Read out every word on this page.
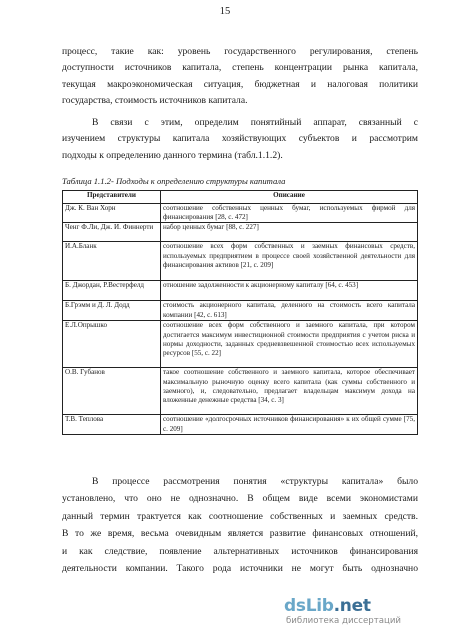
15
процесс, такие как: уровень государственного регулирования, степень
доступности источников капитала, степень концентрации рынка капитала,
текущая макроэкономическая ситуация, бюджетная и налоговая политики
государства, стоимость источников капитала.
В связи с этим, определим понятийный аппарат, связанный с
изучением структуры капитала хозяйствующих субъектов и рассмотрим
подходы к определению данного термина (табл.1.1.2).
Таблица 1.1.2- Подходы к определению структуры капитала
Представители	Описание
Дж. К. Ван Хорн	соотношение собственных ценных бумаг, используемых фирмой для финансирования [28, с. 472]
Ченг Ф.Ли, Дж. И. Финнерти	набор ценных бумаг [88, с. 227]
И.А.Бланк	соотношение всех форм собственных и заемных финансовых средств, используемых предприятием в процессе своей хозяйственной деятельности для финансирования активов [21, с. 209]
Б. Джордан, Р.Вестерфелд	отношение задолженности к акционерному капиталу [64, с. 453]
Б.Грэмм и Д. Л. Додд	стоимость акционерного капитала, деленного на стоимость всего капитала компании [42, с. 613]
Е.Л.Опрышко	соотношение всех форм собственного и заемного капитала, при котором достигается максимум инвестиционной стоимости предприятия с учетом риска и нормы доходности, заданных средневзвешенной стоимостью всех используемых ресурсов [55, с. 22]
О.В. Губанов	такое соотношение собственного и заемного капитала, которое обеспечивает максимальную рыночную оценку всего капитала (как суммы собственного и заемного), и, следовательно, предлагает владельцам максимум дохода на вложенные денежные средства [34, с. 3]
Т.В. Теплова	соотношение «долгосрочных источников финансирования» к их общей сумме [75, с. 209]
В процессе рассмотрения понятия «структуры капитала» было
установлено, что оно не однозначно. В общем виде всеми экономистами
данный термин трактуется как соотношение собственных и заемных средств.
В то же время, весьма очевидным является развитие финансовых отношений,
и как следствие, появление альтернативных источников финансирования
деятельности компании. Такого рода источники не могут быть однозначно
dsLib.net
библиотека диссертаций
